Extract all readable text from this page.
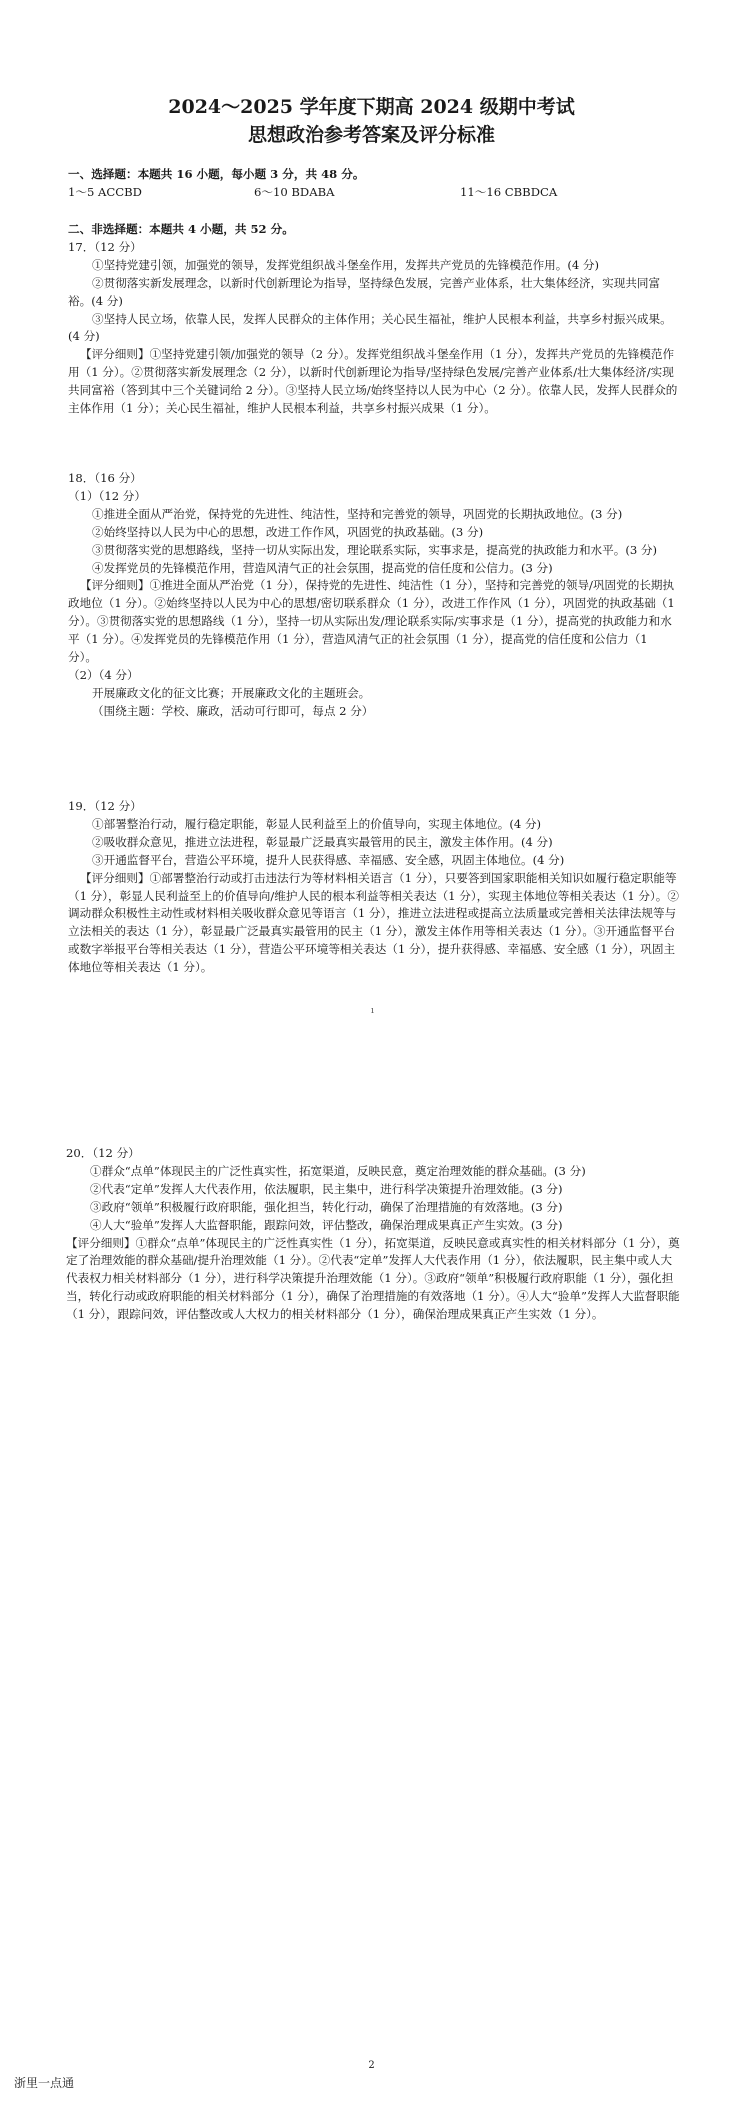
2024～2025 学年度下期高 2024 级期中考试
思想政治参考答案及评分标准

一、选择题：本题共 16 小题，每小题 3 分，共 48 分。

1～5 ACCBD	6～10 BDABA	11～16 CBBDCA

二、非选择题：本题共 4 小题，共 52 分。

17．（12 分）

①坚持党建引领，加强党的领导，发挥党组织战斗堡垒作用，发挥共产党员的先锋模范作用。(4 分)

②贯彻落实新发展理念，以新时代创新理论为指导，坚持绿色发展，完善产业体系，壮大集体经济，实现共同富裕。(4 分)

③坚持人民立场，依靠人民，发挥人民群众的主体作用；关心民生福祉，维护人民根本利益，共享乡村振兴成果。(4 分)

【评分细则】①坚持党建引领/加强党的领导（2 分）。发挥党组织战斗堡垒作用（1 分），发挥共产党员的先锋模范作用（1 分）。②贯彻落实新发展理念（2 分），以新时代创新理论为指导/坚持绿色发展/完善产业体系/壮大集体经济/实现共同富裕（答到其中三个关键词给 2 分）。③坚持人民立场/始终坚持以人民为中心（2 分）。依靠人民，发挥人民群众的主体作用（1 分）；关心民生福祉，维护人民根本利益，共享乡村振兴成果（1 分）。

18．（16 分）

（1）（12 分）

①推进全面从严治党，保持党的先进性、纯洁性，坚持和完善党的领导，巩固党的长期执政地位。(3 分)

②始终坚持以人民为中心的思想，改进工作作风，巩固党的执政基础。(3 分)

③贯彻落实党的思想路线，坚持一切从实际出发，理论联系实际，实事求是，提高党的执政能力和水平。(3 分)

④发挥党员的先锋模范作用，营造风清气正的社会氛围，提高党的信任度和公信力。(3 分)

【评分细则】①推进全面从严治党（1 分），保持党的先进性、纯洁性（1 分），坚持和完善党的领导/巩固党的长期执政地位（1 分）。②始终坚持以人民为中心的思想/密切联系群众（1 分），改进工作作风（1 分），巩固党的执政基础（1 分）。③贯彻落实党的思想路线（1 分），坚持一切从实际出发/理论联系实际/实事求是（1 分），提高党的执政能力和水平（1 分）。④发挥党员的先锋模范作用（1 分），营造风清气正的社会氛围（1 分），提高党的信任度和公信力（1 分）。

（2）（4 分）

开展廉政文化的征文比赛；开展廉政文化的主题班会。

（围绕主题：学校、廉政，活动可行即可，每点 2 分）

19．（12 分）

①部署整治行动，履行稳定职能，彰显人民利益至上的价值导向，实现主体地位。(4 分)

②吸收群众意见，推进立法进程，彰显最广泛最真实最管用的民主，激发主体作用。(4 分)

③开通监督平台，营造公平环境，提升人民获得感、幸福感、安全感，巩固主体地位。(4 分)

【评分细则】①部署整治行动或打击违法行为等材料相关语言（1 分），只要答到国家职能相关知识如履行稳定职能等（1 分），彰显人民利益至上的价值导向/维护人民的根本利益等相关表达（1 分），实现主体地位等相关表达（1 分）。②调动群众积极性主动性或材料相关吸收群众意见等语言（1 分），推进立法进程或提高立法质量或完善相关法律法规等与立法相关的表达（1 分），彰显最广泛最真实最管用的民主（1 分），激发主体作用等相关表达（1 分）。③开通监督平台或数字举报平台等相关表达（1 分），营造公平环境等相关表达（1 分），提升获得感、幸福感、安全感（1 分），巩固主体地位等相关表达（1 分）。

ı

20．（12 分）

①群众“点单”体现民主的广泛性真实性，拓宽渠道，反映民意，奠定治理效能的群众基础。(3 分)

②代表“定单”发挥人大代表作用，依法履职，民主集中，进行科学决策提升治理效能。(3 分)

③政府“领单”积极履行政府职能，强化担当，转化行动，确保了治理措施的有效落地。(3 分)

④人大“验单”发挥人大监督职能，跟踪问效，评估整改，确保治理成果真正产生实效。(3 分)

【评分细则】①群众“点单”体现民主的广泛性真实性（1 分），拓宽渠道，反映民意或真实性的相关材料部分（1 分），奠定了治理效能的群众基础/提升治理效能（1 分）。②代表“定单”发挥人大代表作用（1 分），依法履职，民主集中或人大代表权力相关材料部分（1 分），进行科学决策提升治理效能（1 分）。③政府“领单”积极履行政府职能（1 分），强化担当，转化行动或政府职能的相关材料部分（1 分），确保了治理措施的有效落地（1 分）。④人大“验单”发挥人大监督职能（1 分），跟踪问效，评估整改或人大权力的相关材料部分（1 分），确保治理成果真正产生实效（1 分）。

2
浙里一点通
